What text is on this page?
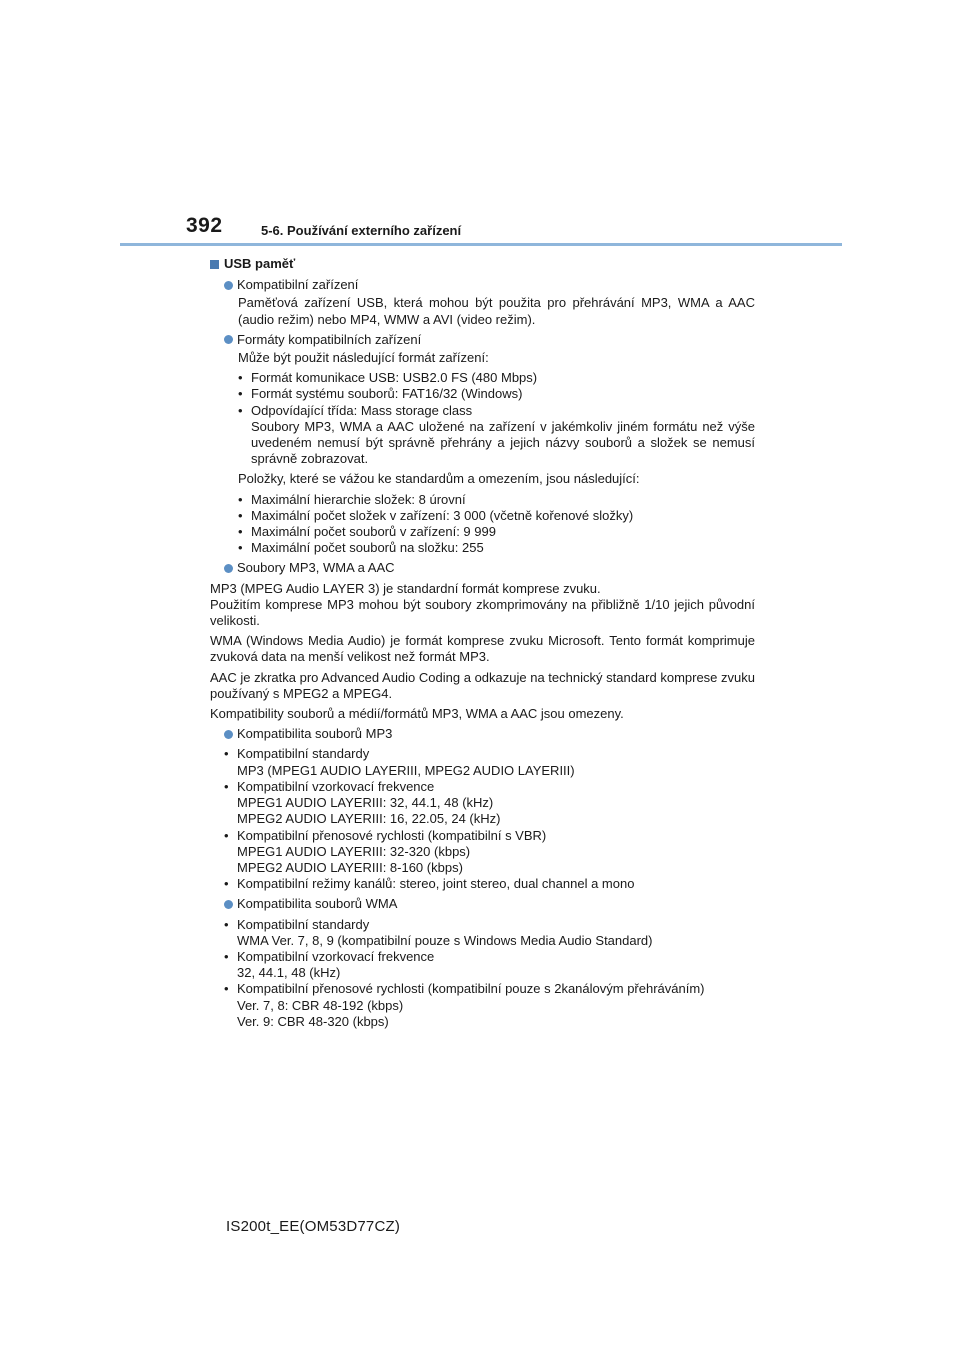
392	5-6. Používání externího zařízení
USB paměť
Kompatibilní zařízení

Paměťová zařízení USB, která mohou být použita pro přehrávání MP3, WMA a AAC (audio režim) nebo MP4, WMW a AVI (video režim).

Formáty kompatibilních zařízení

Může být použit následující formát zařízení:

• Formát komunikace USB: USB2.0 FS (480 Mbps)
• Formát systému souborů: FAT16/32 (Windows)
• Odpovídající třída: Mass storage class
Soubory MP3, WMA a AAC uložené na zařízení v jakémkoliv jiném formátu než výše uvedeném nemusí být správně přehrány a jejich názvy souborů a složek se nemusí správně zobrazovat.

Položky, které se vážou ke standardům a omezením, jsou následující:

• Maximální hierarchie složek: 8 úrovní
• Maximální počet složek v zařízení: 3 000 (včetně kořenové složky)
• Maximální počet souborů v zařízení: 9 999
• Maximální počet souborů na složku: 255
Soubory MP3, WMA a AAC

MP3 (MPEG Audio LAYER 3) je standardní formát komprese zvuku.
Použitím komprese MP3 mohou být soubory zkomprimovány na přibližně 1/10 jejich původní velikosti.

WMA (Windows Media Audio) je formát komprese zvuku Microsoft. Tento formát komprimuje zvuková data na menší velikost než formát MP3.

AAC je zkratka pro Advanced Audio Coding a odkazuje na technický standard komprese zvuku používaný s MPEG2 a MPEG4.

Kompatibility souborů a médií/formátů MP3, WMA a AAC jsou omezeny.

Kompatibilita souborů MP3
• Kompatibilní standardy
MP3 (MPEG1 AUDIO LAYERIII, MPEG2 AUDIO LAYERIII)
• Kompatibilní vzorkovací frekvence
MPEG1 AUDIO LAYERIII: 32, 44.1, 48 (kHz)
MPEG2 AUDIO LAYERIII: 16, 22.05, 24 (kHz)
• Kompatibilní přenosové rychlosti (kompatibilní s VBR)
MPEG1 AUDIO LAYERIII: 32-320 (kbps)
MPEG2 AUDIO LAYERIII: 8-160 (kbps)
• Kompatibilní režimy kanálů: stereo, joint stereo, dual channel a mono
Kompatibilita souborů WMA
• Kompatibilní standardy
WMA Ver. 7, 8, 9 (kompatibilní pouze s Windows Media Audio Standard)
• Kompatibilní vzorkovací frekvence
32, 44.1, 48 (kHz)
• Kompatibilní přenosové rychlosti (kompatibilní pouze s 2kanálovým přehráváním)
Ver. 7, 8: CBR 48-192 (kbps)
Ver. 9: CBR 48-320 (kbps)
IS200t_EE(OM53D77CZ)
